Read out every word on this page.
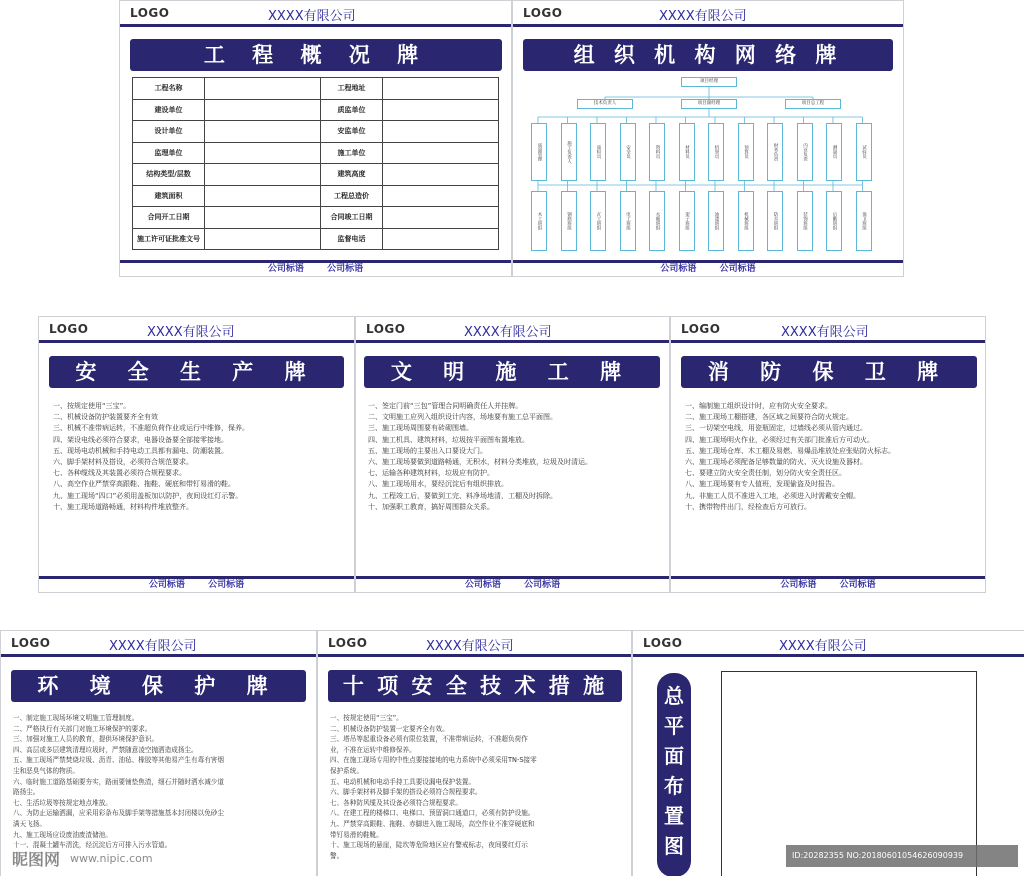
LOGO	XXXX有限公司
工 程 概 况 牌
工程名称		工程地址	
建设单位		质监单位	
设计单位		安监单位	
监理单位		施工单位	
结构类型/层数		建筑高度	
建筑面积		工程总造价	
合同开工日期		合同竣工日期	
施工许可证批准文号		监督电话	
公司标语	公司标语
LOGO	XXXX有限公司
组 织 机 构 网 络 牌
项目经理
技术负责人	项目副经理	项目总工程
质量管理	施工负责人	质检员	安全员	资料员	材料员	机管员	预算员	财务负责	内业负责	测量员	试验员
木工班组	钢筋班组	瓦工班组	电工班组	水暖班组	架子班组	油漆班组	机械班组	防水班组	装饰班组	后勤班组	保卫班组
公司标语	公司标语
LOGO	XXXX有限公司
安 全 生 产 牌
一、按规定使用“三宝”。
二、机械设备防护装置要齐全有效
三、机械不准带病运转，不准超负荷作业或运行中维修，保养。
四、架设电线必须符合要求，电器设备要全部接零接地。
五、现场电动机械和手持电动工具都有漏电、防潮装置。
六、脚手架材料及搭设，必须符合规范要求。
七、各种缆线及其装置必须符合规程要求。
八、高空作业严禁穿高跟鞋、拖鞋、硬底和带钉易滑的鞋。
九、施工现场“四口”必须用盖板加以防护，夜间设红灯示警。
十、施工现场道路畅通，材料构件堆放整齐。
公司标语	公司标语
LOGO	XXXX有限公司
文 明 施 工 牌
一、签定门前“三包”管理合同明确责任人并挂牌。
二、文明施工应列入组织设计内容，场地要有施工总平面图。
三、施工现场周围要有砖砌围墙。
四、施工机具、建筑材料，垃圾按平面图布置堆放。
五、施工现场的主要出入口要设大门。
六、施工现场要做到道路畅通，无积水，材料分类堆放，垃圾及时清运。
七、运输各种建筑材料，垃圾应有防护。
八、施工现场用水，要经沉淀后有组织排放。
九、工程竣工后，要做到工完、料净场地清，工棚及时拆除。
十、加强职工教育，搞好周围群众关系。
公司标语	公司标语
LOGO	XXXX有限公司
消 防 保 卫 牌
一、编制施工组织设计时，应有防火安全要求。
二、施工现场工棚搭建，各区域之间要符合防火规定。
三、一切架空电线，用瓷瓶固定，过墙线必须从管内通过。
四、施工现场明火作业，必须经过有关部门批准后方可动火。
五、施工现场仓库、木工棚及易燃、易爆品堆放处应张贴防火标志。
六、施工现场必须配备足够数量的防火、灭火设施及器材。
七、要建立防火安全责任制，划分防火安全责任区。
八、施工现场要有专人值班，发现偷盗及时报告。
九、非施工人员不准进入工地，必须进入时需戴安全帽。
十、携带物件出门，经检查后方可放行。
公司标语	公司标语
LOGO	XXXX有限公司
环 境 保 护 牌
一、制定施工现场环境文明施工管理制度。
二、严格执行有关部门对施工环境保护的要求。
三、加强对施工人员的教育，提供环境保护意识。
四、高层或多层建筑清理垃圾时，严禁随意凌空抛洒造成扬尘。
五、施工现场严禁焚烧垃圾、沥青、油毡、橡胶等其他易产生有毒有害烟
尘和恶臭气体的物质。
六、临时施工道路基础要夯实，路面要铺垫焦渣，细石并随时洒水减少道
路扬尘。
七、生活垃圾等按规定地点堆放。
八、为防止运输洒漏，应采用彩条布及脚手架等措施基本封闭楼以免砂尘
满天飞扬。
九、施工现场应设废油废渣储池。
十一、混凝土罐车清洗，经沉淀后方可排入污水管道。
LOGO	XXXX有限公司
十 项 安 全 技 术 措 施 牌
一、按规定使用“三宝”。
二、机械设备防护装置一定要齐全有效。
三、塔吊等起重设备必须有限位装置，不准带病运转，不准超负荷作
业，不准在运转中维修保养。
四、在施工现场专用的中性点要接接地的电力系统中必须采用TN-S接零
保护系统。
五、电动机械和电动手持工具要设漏电保护装置。
六、脚手架材料及脚手架的搭设必须符合规程要求。
七、各种防风缆及其设备必须符合规程要求。
八、在建工程的楼梯口、电梯口、预留洞口通道口，必须有防护设施。
九、严禁穿高跟鞋、拖鞋、赤脚进入施工现场，高空作业不准穿硬底和
带钉易滑的鞋靴。
十、施工现场的悬崖，陡坎等危险地区应有警戒标志，夜间要红灯示
警。
LOGO	XXXX有限公司
总
平
面
布
置
图
昵图网 www.nipic.com	ID:20282355 NO:20180601054626090939
